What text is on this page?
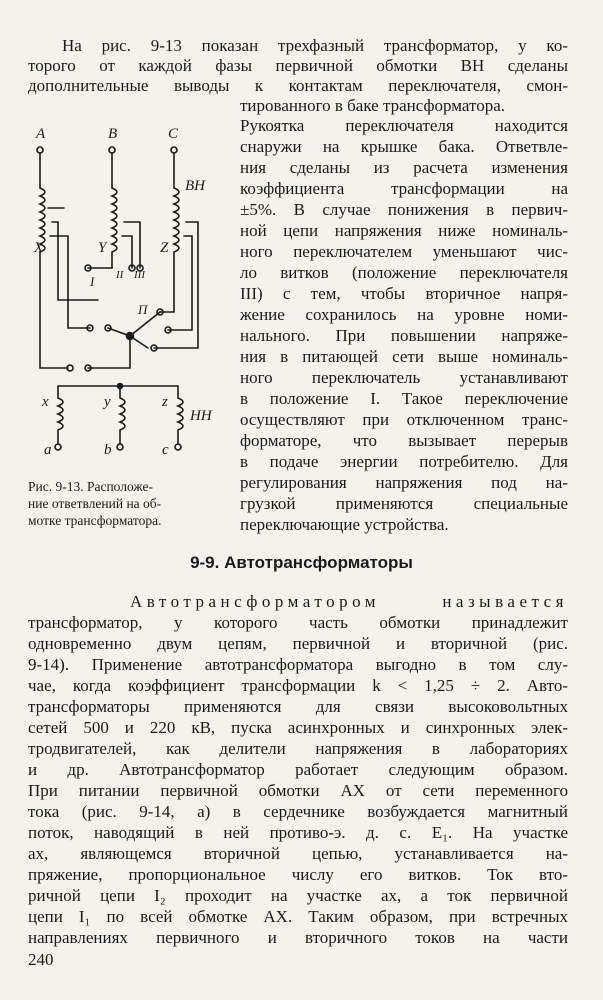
На рис. 9-13 показан трехфазный трансформатор, у ко-

торого от каждой фазы первичной обмотки ВН сделаны

дополнительные выводы к контактам переключателя, смон-

тированного в баке трансформатора.

Рукоятка переключателя находится

снаружи на крышке бака. Ответвле-

ния сделаны из расчета изменения

коэффициента трансформации на

±5%. В случае понижения в первич-

ной цепи напряжения ниже номиналь-

ного переключателем уменьшают чис-

ло витков (положение переключателя

III) с тем, чтобы вторичное напря-

жение сохранилось на уровне номи-

нального. При повышении напряже-

ния в питающей сети выше номиналь-

ного переключатель устанавливают

в положение I. Такое переключение

осуществляют при отключенном транс-

форматоре, что вызывает перерыв

в подаче энергии потребителю. Для

регулирования напряжения под на-

грузкой применяются специальные

переключающие устройства.

A	B	C
ВН
X	Y	Z
I II III
П
x	y	z
НН
a	b	c

Рис. 9-13. Расположе-

ние ответвлений на об-

мотке трансформатора.

9-9. Автотрансформаторы

Автотрансформатором называется

трансформатор, у которого часть обмотки принадлежит

одновременно двум цепям, первичной и вторичной (рис.

9-14). Применение автотрансформатора выгодно в том слу-

чае, когда коэффициент трансформации k < 1,25 ÷ 2. Авто-

трансформаторы применяются для связи высоковольтных

сетей 500 и 220 кВ, пуска асинхронных и синхронных элек-

тродвигателей, как делители напряжения в лабораториях

и др. Автотрансформатор работает следующим образом.

При питании первичной обмотки AX от сети переменного

тока (рис. 9-14, а) в сердечнике возбуждается магнитный

поток, наводящий в ней противо-э. д. с. E₁. На участке

ax, являющемся вторичной цепью, устанавливается на-

пряжение, пропорциональное числу его витков. Ток вто-

ричной цепи I₂ проходит на участке ax, а ток первичной

цепи I₁ по всей обмотке AX. Таким образом, при встречных

направлениях первичного и вторичного токов на части

240
